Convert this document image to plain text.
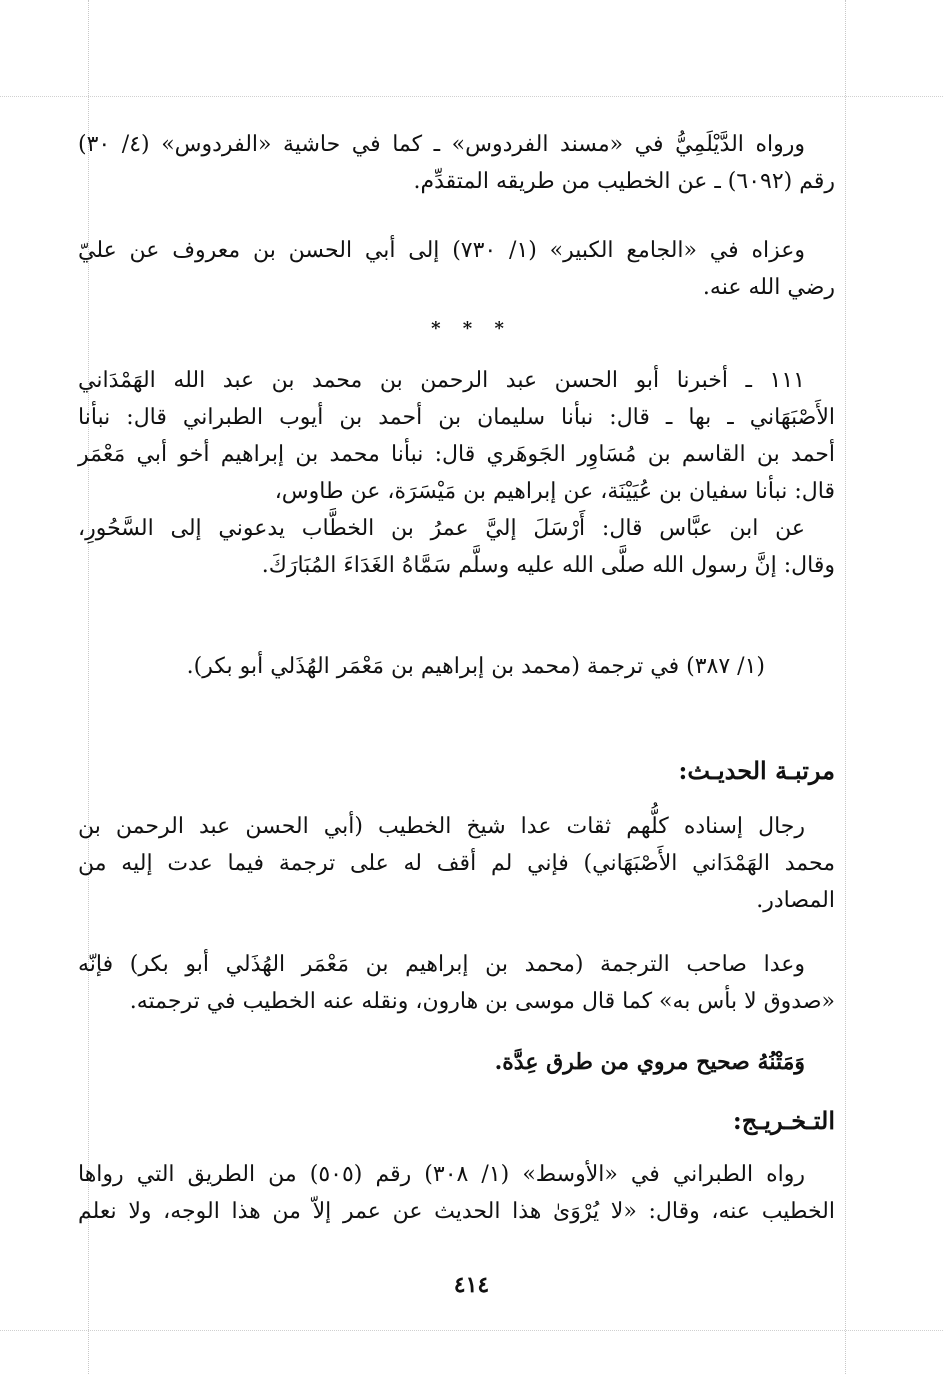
ورواه الدَّيْلَمِيُّ في «مسند الفردوس» ـ كما في حاشية «الفردوس» (٤/ ٣٠)
رقم (٦٠٩٢) ـ عن الخطيب من طريقه المتقدِّم.
وعزاه في «الجامع الكبير» (١/ ٧٣٠) إلى أبي الحسن بن معروف عن عليّ
رضي الله عنه.
* * *
١١١ ـ أخبرنا أبو الحسن عبد الرحمن بن محمد بن عبد الله الهَمْدَاني
الأَصْبَهَاني ـ بها ـ قال: نبأنا سليمان بن أحمد بن أيوب الطبراني قال: نبأنا
أحمد بن القاسم بن مُسَاوِر الجَوهَري قال: نبأنا محمد بن إبراهيم أخو أبي مَعْمَر
قال: نبأنا سفيان بن عُيَيْنَة، عن إبراهيم بن مَيْسَرَة، عن طاوس،
عن ابن عبَّاس قال: أَرْسَلَ إليَّ عمرُ بن الخطَّاب يدعوني إلى السَّحُورِ،
وقال: إنَّ رسول الله صلَّى الله عليه وسلَّم سَمَّاهُ الغَدَاءَ المُبَارَكَ.
(١/ ٣٨٧) في ترجمة (محمد بن إبراهيم بن مَعْمَر الهُذَلي أبو بكر).
مرتبـة الحديـث:
رجال إسناده كلُّهم ثقات عدا شيخ الخطيب (أبي الحسن عبد الرحمن بن
محمد الهَمْدَاني الأَصْبَهَاني) فإني لم أقف له على ترجمة فيما عدت إليه من
المصادر.
وعدا صاحب الترجمة (محمد بن إبراهيم بن مَعْمَر الهُذَلي أبو بكر) فإنّه
«صدوق لا بأس به» كما قال موسى بن هارون، ونقله عنه الخطيب في ترجمته.
وَمَتْنُهُ صحيح مروي من طرق عِدَّة.
التـخـريـج:
رواه الطبراني في «الأوسط» (١/ ٣٠٨) رقم (٥٠٥) من الطريق التي رواها
الخطيب عنه، وقال: «لا يُرْوَىٰ هذا الحديث عن عمر إلاّ من هذا الوجه، ولا نعلم
٤١٤
